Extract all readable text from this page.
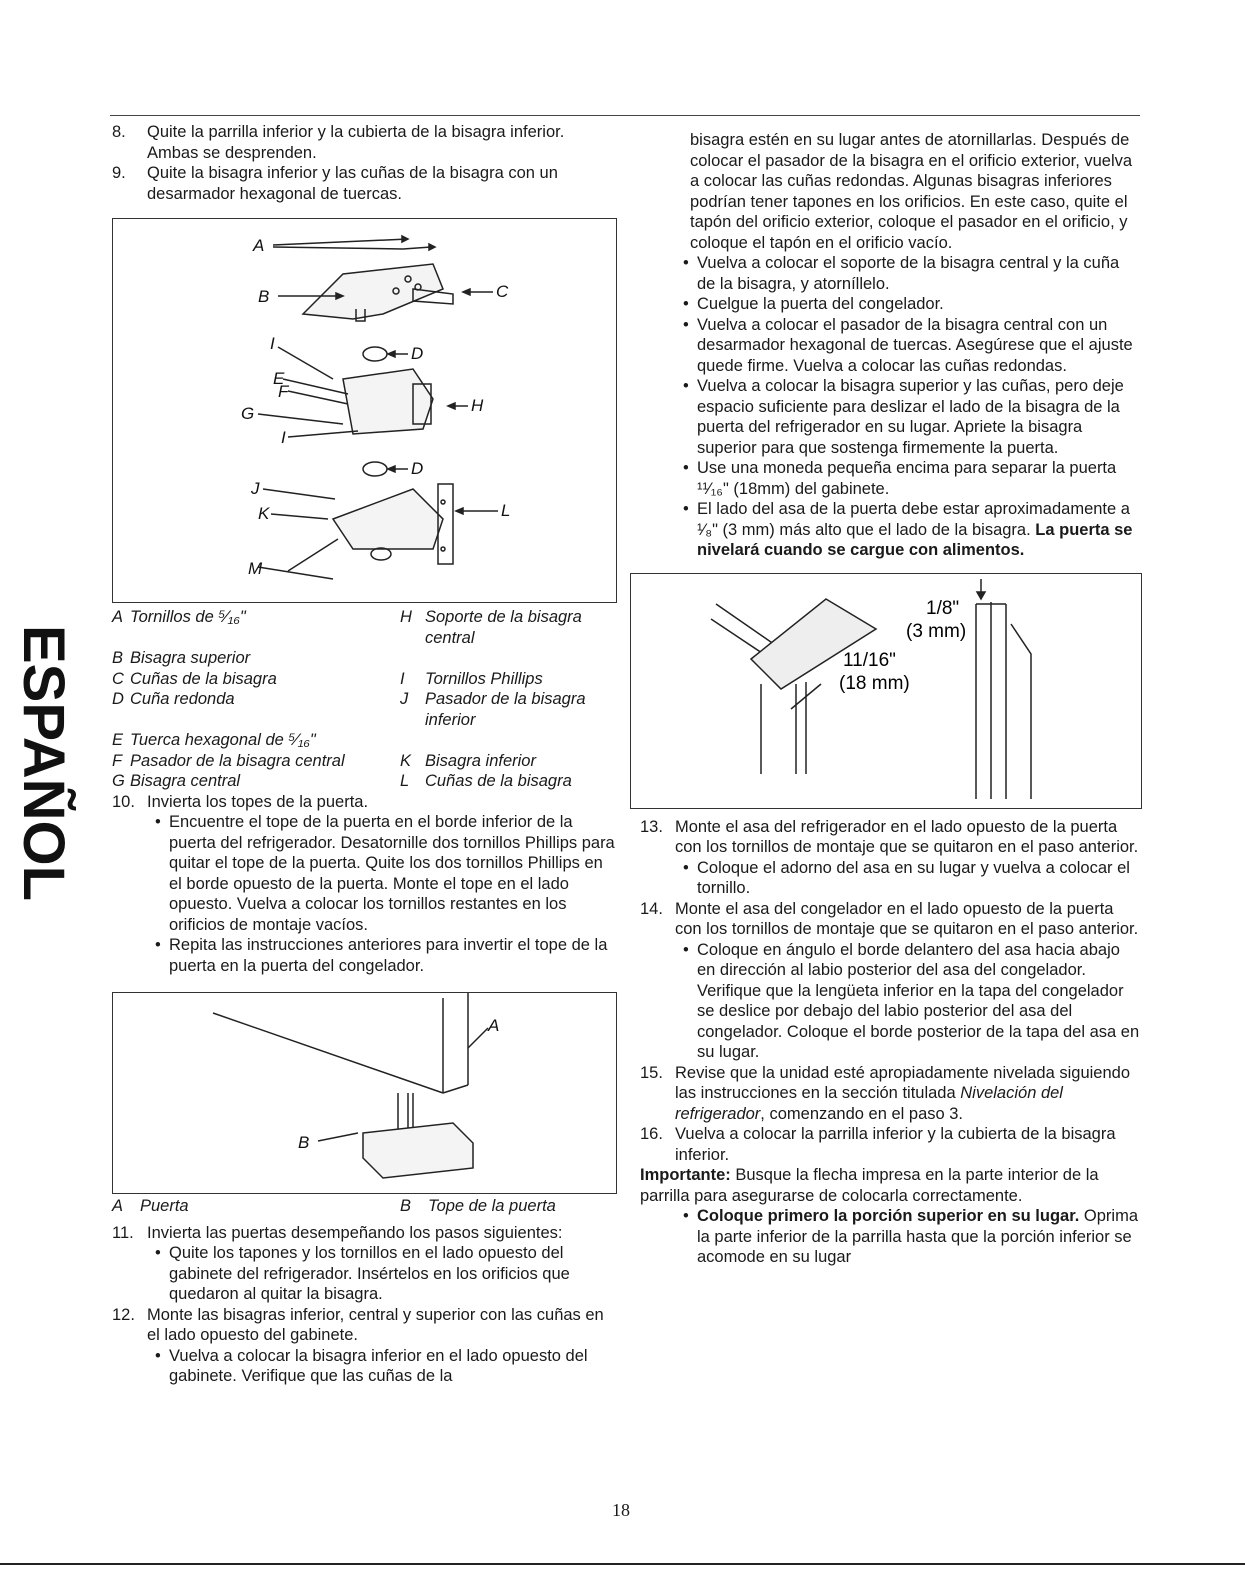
ESPAÑOL

8. Quite la parrilla inferior y la cubierta de la bisagra inferior. Ambas se desprenden.

9. Quite la bisagra inferior y las cuñas de la bisagra con un desarmador hexagonal de tuercas.

A
B	C
D
I
E
F
G	H
I
D
J
K	L
M
A Tornillos de ⁵⁄₁₆"	H Soporte de la bisagra central
B Bisagra superior
C Cuñas de la bisagra	I	Tornillos Phillips
D Cuña redonda	J	Pasador de la bisagra inferior
E Tuerca hexagonal de ⁵⁄₁₆"
F Pasador de la bisagra central	K Bisagra inferior
G Bisagra central	L Cuñas de la bisagra

10. Invierta los topes de la puerta.

• Encuentre el tope de la puerta en el borde inferior de la puerta del refrigerador. Desatornille dos tornillos Phillips para quitar el tope de la puerta. Quite los dos tornillos Phillips en el borde opuesto de la puerta. Monte el tope en el lado opuesto. Vuelva a colocar los tornillos restantes en los orificios de montaje vacíos.

• Repita las instrucciones anteriores para invertir el tope de la puerta en la puerta del congelador.

A
B
A	Puerta	B	Tope de la puerta

11. Invierta las puertas desempeñando los pasos siguientes:

• Quite los tapones y los tornillos en el lado opuesto del gabinete del refrigerador. Insértelos en los orificios que quedaron al quitar la bisagra.

12. Monte las bisagras inferior, central y superior con las cuñas en el lado opuesto del gabinete.

• Vuelva a colocar la bisagra inferior en el lado opuesto del gabinete. Verifique que las cuñas de la

bisagra estén en su lugar antes de atornillarlas. Después de colocar el pasador de la bisagra en el orificio exterior, vuelva a colocar las cuñas redondas. Algunas bisagras inferiores podrían tener tapones en los orificios. En este caso, quite el tapón del orificio exterior, coloque el pasador en el orificio, y coloque el tapón en el orificio vacío.

• Vuelva a colocar el soporte de la bisagra central y la cuña de la bisagra, y atorníllelo.

• Cuelgue la puerta del congelador.

• Vuelva a colocar el pasador de la bisagra central con un desarmador hexagonal de tuercas. Asegúrese que el ajuste quede firme. Vuelva a colocar las cuñas redondas.

• Vuelva a colocar la bisagra superior y las cuñas, pero deje espacio suficiente para deslizar el lado de la bisagra de la puerta del refrigerador en su lugar. Apriete la bisagra superior para que sostenga firmemente la puerta.

• Use una moneda pequeña encima para separar la puerta ¹¹⁄₁₆" (18mm) del gabinete.

• El lado del asa de la puerta debe estar aproximadamente a ¹⁄₈" (3 mm) más alto que el lado de la bisagra. La puerta se nivelará cuando se cargue con alimentos.

1/8"
(3 mm)
11/16"
(18 mm)

13. Monte el asa del refrigerador en el lado opuesto de la puerta con los tornillos de montaje que se quitaron en el paso anterior.

• Coloque el adorno del asa en su lugar y vuelva a colocar el tornillo.

14. Monte el asa del congelador en el lado opuesto de la puerta con los tornillos de montaje que se quitaron en el paso anterior.

• Coloque en ángulo el borde delantero del asa hacia abajo en dirección al labio posterior del asa del congelador. Verifique que la lengüeta inferior en la tapa del congelador se deslice por debajo del labio posterior del asa del congelador. Coloque el borde posterior de la tapa del asa en su lugar.

15. Revise que la unidad esté apropiadamente nivelada siguiendo las instrucciones en la sección titulada Nivelación del refrigerador, comenzando en el paso 3.

16. Vuelva a colocar la parrilla inferior y la cubierta de la bisagra inferior.

Importante: Busque la flecha impresa en la parte interior de la parrilla para asegurarse de colocarla correctamente.

• Coloque primero la porción superior en su lugar. Oprima la parte inferior de la parrilla hasta que la porción inferior se acomode en su lugar

18
